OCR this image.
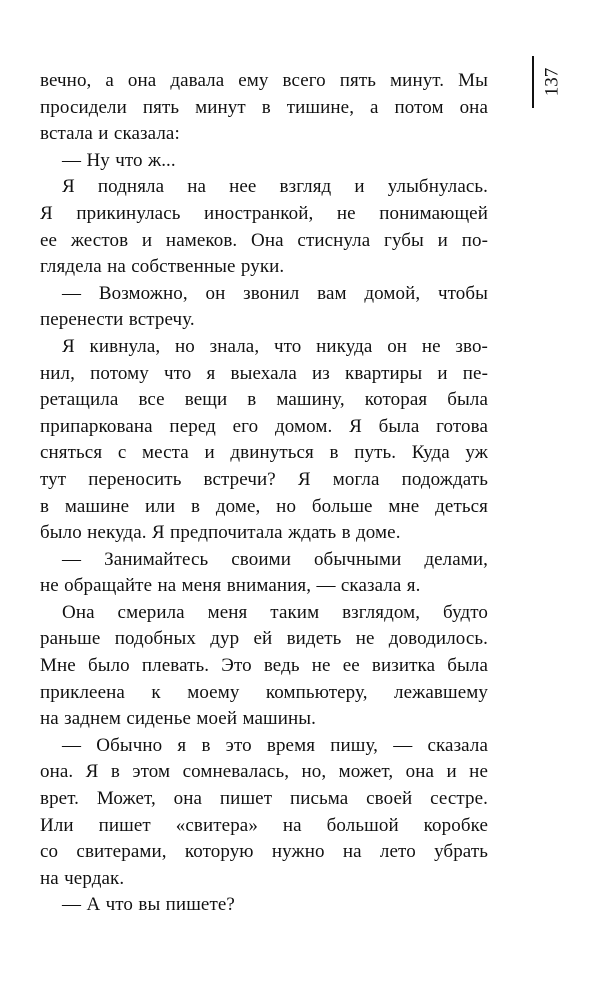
137
вечно, а она давала ему всего пять минут. Мы
просидели пять минут в тишине, а потом она
встала и сказала:
— Ну что ж...
Я подняла на нее взгляд и улыбнулась.
Я прикинулась иностранкой, не понимающей
ее жестов и намеков. Она стиснула губы и по-
глядела на собственные руки.
— Возможно, он звонил вам домой, чтобы
перенести встречу.
Я кивнула, но знала, что никуда он не зво-
нил, потому что я выехала из квартиры и пе-
ретащила все вещи в машину, которая была
припаркована перед его домом. Я была готова
сняться с места и двинуться в путь. Куда уж
тут переносить встречи? Я могла подождать
в машине или в доме, но больше мне деться
было некуда. Я предпочитала ждать в доме.
— Занимайтесь своими обычными делами,
не обращайте на меня внимания, — сказала я.
Она смерила меня таким взглядом, будто
раньше подобных дур ей видеть не доводилось.
Мне было плевать. Это ведь не ее визитка была
приклеена к моему компьютеру, лежавшему
на заднем сиденье моей машины.
— Обычно я в это время пишу, — сказала
она. Я в этом сомневалась, но, может, она и не
врет. Может, она пишет письма своей сестре.
Или пишет «свитера» на большой коробке
со свитерами, которую нужно на лето убрать
на чердак.
— А что вы пишете?
